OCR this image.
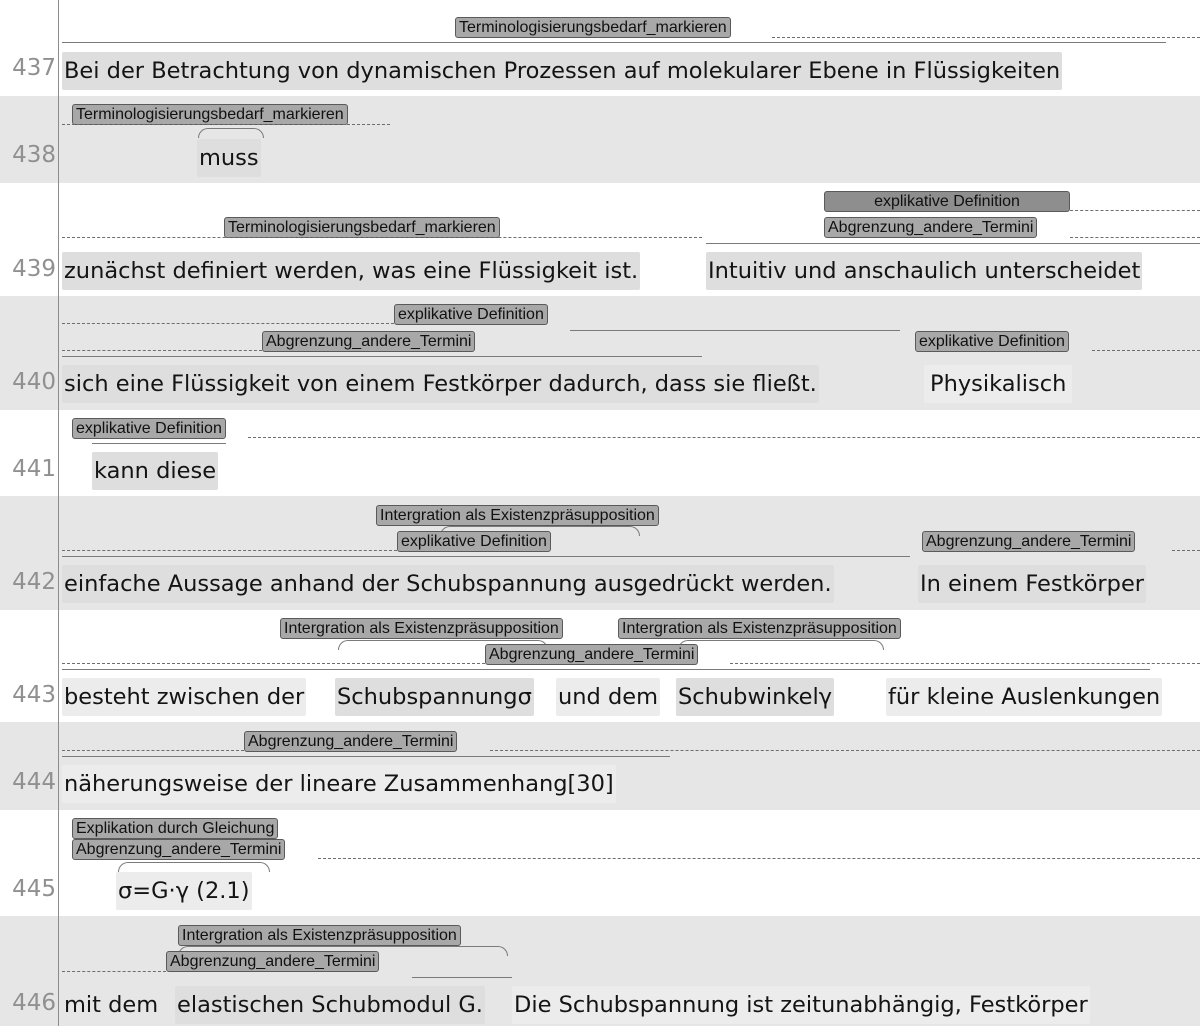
Terminologisierungsbedarf_markieren
437 Bei der Betrachtung von dynamischen Prozessen auf molekularer Ebene in Flüssigkeiten
Terminologisierungsbedarf_markieren
438	muss
explikative Definition
Terminologisierungsbedarf_markieren	Abgrenzung_andere_Termini
439 zunächst definiert werden, was eine Flüssigkeit ist.	Intuitiv und anschaulich unterscheidet
explikative Definition
Abgrenzung_andere_Termini	explikative Definition
440 sich eine Flüssigkeit von einem Festkörper dadurch, dass sie fließt.	Physikalisch
explikative Definition
441 kann diese
Intergration als Existenzpräsupposition
explikative Definition	Abgrenzung_andere_Termini
442 einfache Aussage anhand der Schubspannung ausgedrückt werden.	In einem Festkörper
Intergration als Existenzpräsupposition	Intergration als Existenzpräsupposition
Abgrenzung_andere_Termini
443 besteht zwischen der Schubspannungσ und dem Schubwinkelγ für kleine Auslenkungen
Abgrenzung_andere_Termini
444 näherungsweise der lineare Zusammenhang[30]
Explikation durch Gleichung
Abgrenzung_andere_Termini
445	σ=G·γ (2.1)
Intergration als Existenzpräsupposition
Abgrenzung_andere_Termini
446 mit dem elastischen Schubmodul G. Die Schubspannung ist zeitunabhängig, Festkörper
